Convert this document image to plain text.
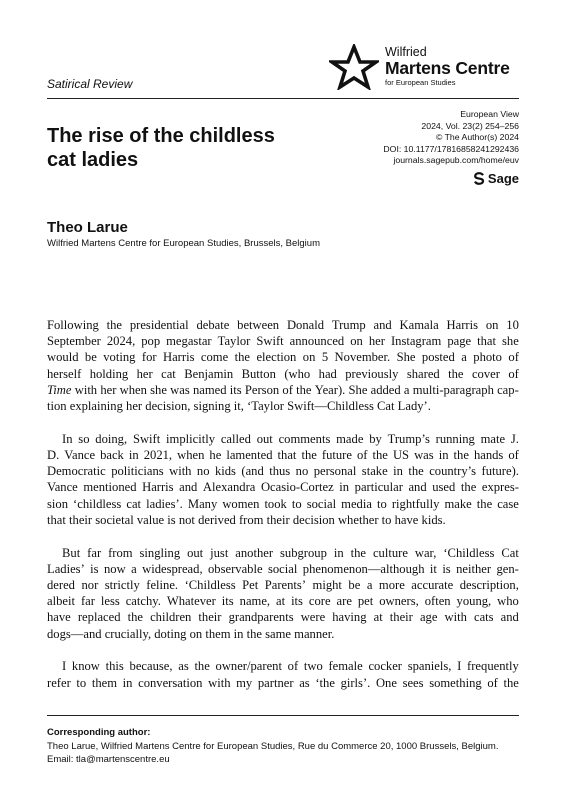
Satirical Review
Wilfried
Martens Centre
for European Studies
The rise of the childless
cat ladies
European View
2024, Vol. 23(2) 254–256
© The Author(s) 2024
DOI: 10.1177/17816858241292436
journals.sagepub.com/home/euv
Sage
Theo Larue
Wilfried Martens Centre for European Studies, Brussels, Belgium
Following the presidential debate between Donald Trump and Kamala Harris on 10
September 2024, pop megastar Taylor Swift announced on her Instagram page that she
would be voting for Harris come the election on 5 November. She posted a photo of
herself holding her cat Benjamin Button (who had previously shared the cover of
Time with her when she was named its Person of the Year). She added a multi-paragraph cap-
tion explaining her decision, signing it, ‘Taylor Swift—Childless Cat Lady’.
In so doing, Swift implicitly called out comments made by Trump’s running mate J.
D. Vance back in 2021, when he lamented that the future of the US was in the hands of
Democratic politicians with no kids (and thus no personal stake in the country’s future).
Vance mentioned Harris and Alexandra Ocasio-Cortez in particular and used the expres-
sion ‘childless cat ladies’. Many women took to social media to rightfully make the case
that their societal value is not derived from their decision whether to have kids.
But far from singling out just another subgroup in the culture war, ‘Childless Cat
Ladies’ is now a widespread, observable social phenomenon—although it is neither gen-
dered nor strictly feline. ‘Childless Pet Parents’ might be a more accurate description,
albeit far less catchy. Whatever its name, at its core are pet owners, often young, who
have replaced the children their grandparents were having at their age with cats and
dogs—and crucially, doting on them in the same manner.
I know this because, as the owner/parent of two female cocker spaniels, I frequently
refer to them in conversation with my partner as ‘the girls’. One sees something of the
Corresponding author:
Theo Larue, Wilfried Martens Centre for European Studies, Rue du Commerce 20, 1000 Brussels, Belgium.
Email: tla@martenscentre.eu
